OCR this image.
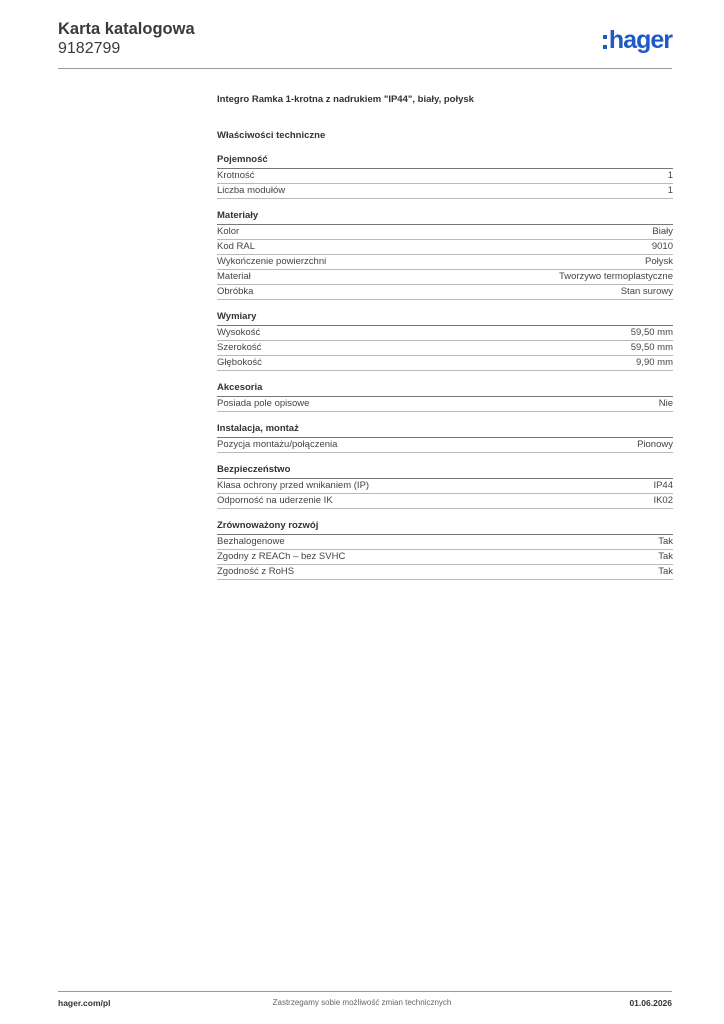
Karta katalogowa
9182799	hager
Integro Ramka 1-krotna z nadrukiem "IP44", biały, połysk
Właściwości techniczne
Pojemność
Krotność	1
Liczba modułów	1
Materiały
Kolor	Biały
Kod RAL	9010
Wykończenie powierzchni	Połysk
Materiał	Tworzywo termoplastyczne
Obróbka	Stan surowy
Wymiary
Wysokość	59,50 mm
Szerokość	59,50 mm
Głębokość	9,90 mm
Akcesoria
Posiada pole opisowe	Nie
Instalacja, montaż
Pozycja montażu/połączenia	Pionowy
Bezpieczeństwo
Klasa ochrony przed wnikaniem (IP)	IP44
Odporność na uderzenie IK	IK02
Zrównoważony rozwój
Bezhalogenowe	Tak
Zgodny z REACh – bez SVHC	Tak
Zgodność z RoHS	Tak
hager.com/pl	Zastrzegamy sobie możliwość zmian technicznych	01.06.2026
